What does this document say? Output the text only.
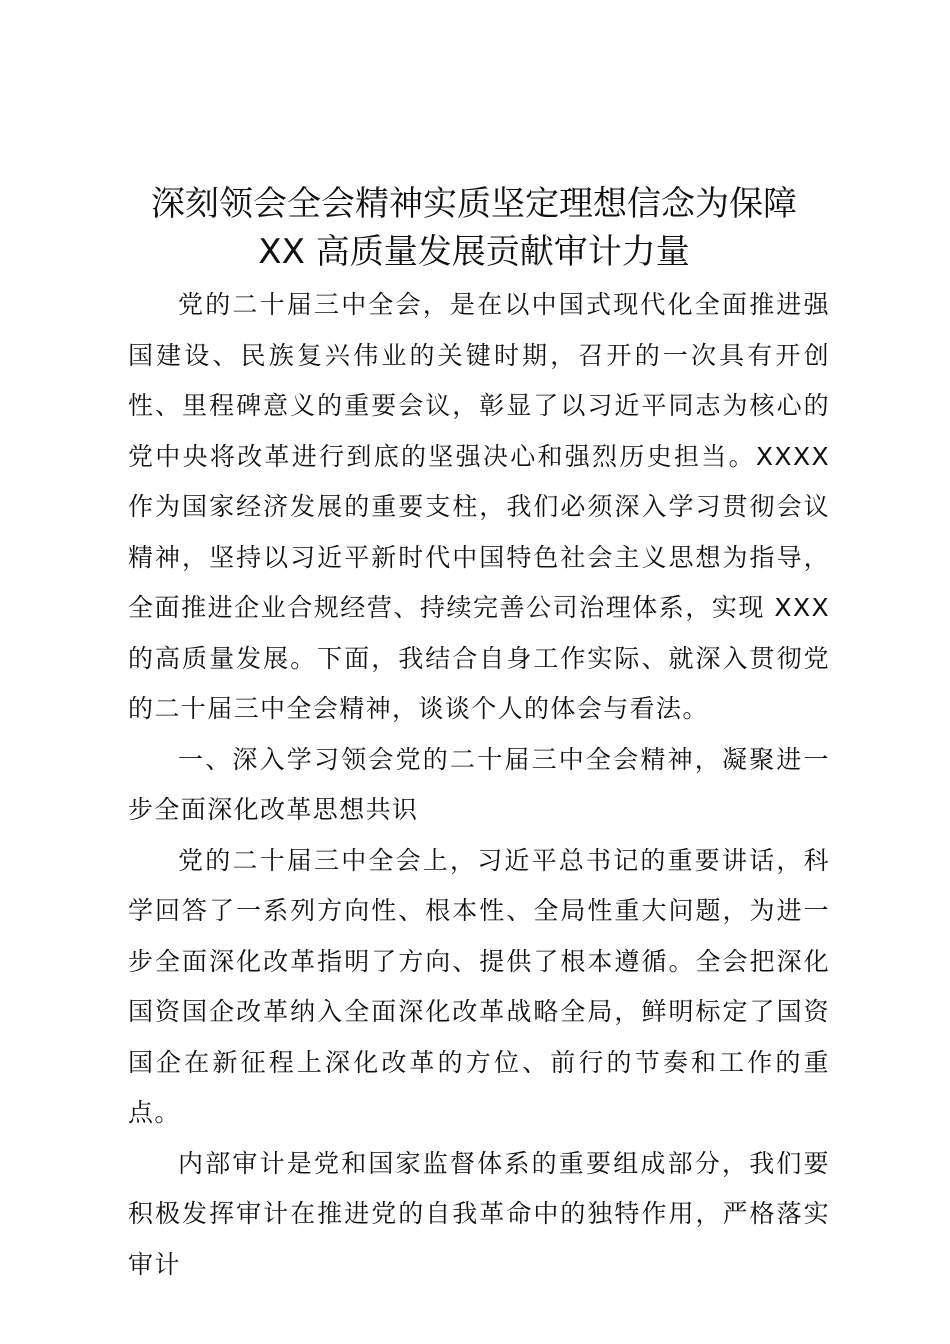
深刻领会全会精神实质坚定理想信念为保障
XX 高质量发展贡献审计力量

党的二十届三中全会，是在以中国式现代化全面推进强国建设、民族复兴伟业的关键时期，召开的一次具有开创性、里程碑意义的重要会议，彰显了以习近平同志为核心的党中央将改革进行到底的坚强决心和强烈历史担当。XXXX 作为国家经济发展的重要支柱，我们必须深入学习贯彻会议精神，坚持以习近平新时代中国特色社会主义思想为指导，全面推进企业合规经营、持续完善公司治理体系，实现 XXX 的高质量发展。下面，我结合自身工作实际、就深入贯彻党的二十届三中全会精神，谈谈个人的体会与看法。

一、深入学习领会党的二十届三中全会精神，凝聚进一步全面深化改革思想共识

党的二十届三中全会上，习近平总书记的重要讲话，科学回答了一系列方向性、根本性、全局性重大问题，为进一步全面深化改革指明了方向、提供了根本遵循。全会把深化国资国企改革纳入全面深化改革战略全局，鲜明标定了国资国企在新征程上深化改革的方位、前行的节奏和工作的重点。

内部审计是党和国家监督体系的重要组成部分，我们要积极发挥审计在推进党的自我革命中的独特作用，严格落实审计
